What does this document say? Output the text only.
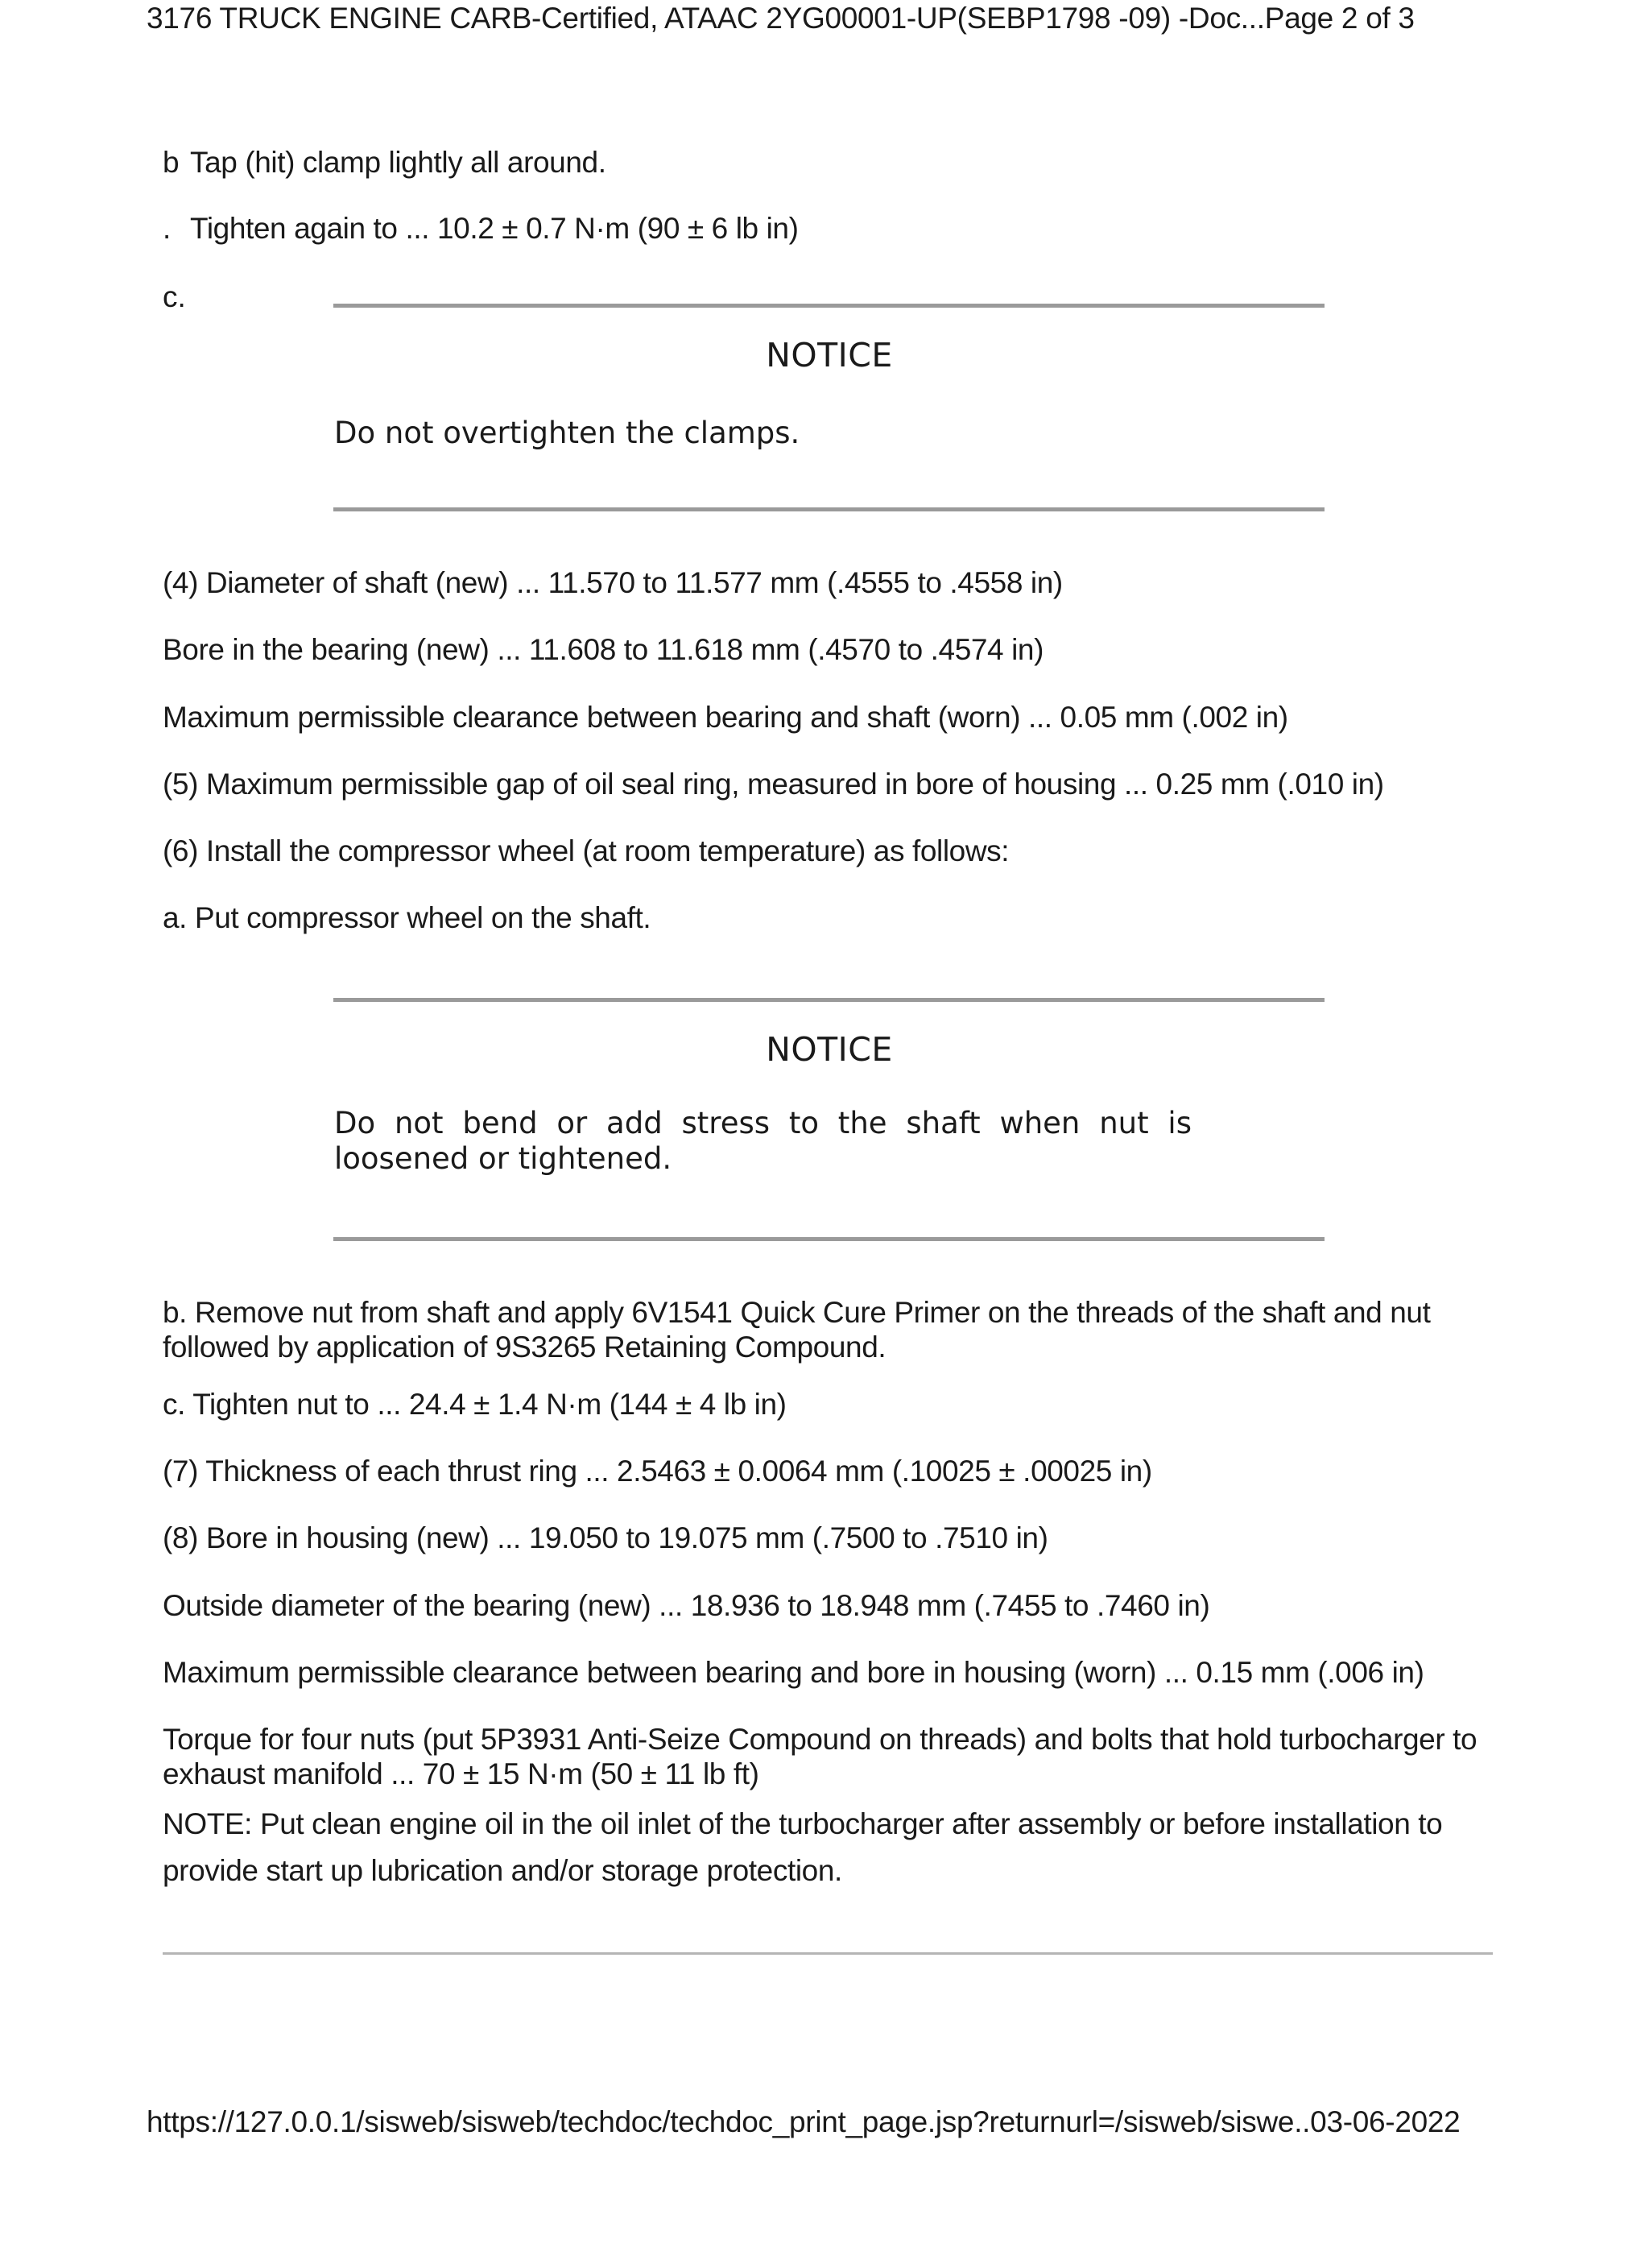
3176 TRUCK ENGINE CARB-Certified, ATAAC 2YG00001-UP(SEBP1798 -09) -Doc...Page 2 of 3
b Tap (hit) clamp lightly all around.
. Tighten again to ... 10.2 ± 0.7 N·m (90 ± 6 lb in)
c.
NOTICE
Do not overtighten the clamps.
(4) Diameter of shaft (new) ... 11.570 to 11.577 mm (.4555 to .4558 in)
Bore in the bearing (new) ... 11.608 to 11.618 mm (.4570 to .4574 in)
Maximum permissible clearance between bearing and shaft (worn) ... 0.05 mm (.002 in)
(5) Maximum permissible gap of oil seal ring, measured in bore of housing ... 0.25 mm (.010 in)
(6) Install the compressor wheel (at room temperature) as follows:
a. Put compressor wheel on the shaft.
NOTICE
Do not bend or add stress to the shaft when nut is loosened or tightened.
b. Remove nut from shaft and apply 6V1541 Quick Cure Primer on the threads of the shaft and nut followed by application of 9S3265 Retaining Compound.
c. Tighten nut to ... 24.4 ± 1.4 N·m (144 ± 4 lb in)
(7) Thickness of each thrust ring ... 2.5463 ± 0.0064 mm (.10025 ± .00025 in)
(8) Bore in housing (new) ... 19.050 to 19.075 mm (.7500 to .7510 in)
Outside diameter of the bearing (new) ... 18.936 to 18.948 mm (.7455 to .7460 in)
Maximum permissible clearance between bearing and bore in housing (worn) ... 0.15 mm (.006 in)
Torque for four nuts (put 5P3931 Anti-Seize Compound on threads) and bolts that hold turbocharger to exhaust manifold ... 70 ± 15 N·m (50 ± 11 lb ft)
NOTE: Put clean engine oil in the oil inlet of the turbocharger after assembly or before installation to provide start up lubrication and/or storage protection.
https://127.0.0.1/sisweb/sisweb/techdoc/techdoc_print_page.jsp?returnurl=/sisweb/siswe..03-06-2022
